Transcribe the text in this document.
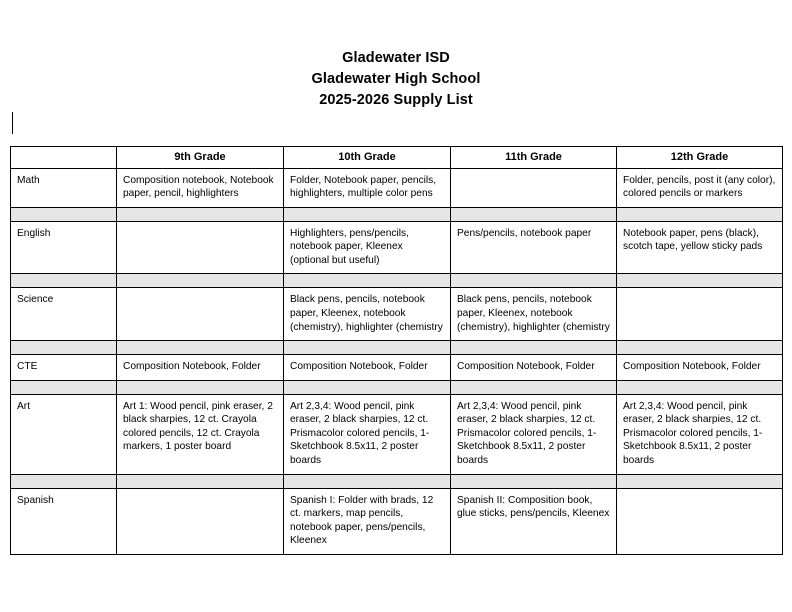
Gladewater ISD
Gladewater High School
2025-2026 Supply List
	9th Grade	10th Grade	11th Grade	12th Grade
Math	Composition notebook, Notebook paper, pencil, highlighters	Folder, Notebook paper, pencils, highlighters, multiple color pens		Folder, pencils, post it (any color), colored pencils or markers

English		Highlighters, pens/pencils, notebook paper, Kleenex (optional but useful)	Pens/pencils, notebook paper	Notebook paper, pens (black), scotch tape, yellow sticky pads

Science		Black pens, pencils, notebook paper, Kleenex, notebook (chemistry), highlighter (chemistry	Black pens, pencils, notebook paper, Kleenex, notebook (chemistry), highlighter (chemistry	

CTE	Composition Notebook, Folder	Composition Notebook, Folder	Composition Notebook, Folder	Composition Notebook, Folder

Art	Art 1: Wood pencil, pink eraser, 2 black sharpies, 12 ct. Crayola colored pencils, 12 ct. Crayola markers, 1 poster board	Art 2,3,4: Wood pencil, pink eraser, 2 black sharpies, 12 ct. Prismacolor colored pencils, 1-Sketchbook 8.5x11, 2 poster boards	Art 2,3,4: Wood pencil, pink eraser, 2 black sharpies, 12 ct. Prismacolor colored pencils, 1-Sketchbook 8.5x11, 2 poster boards	Art 2,3,4: Wood pencil, pink eraser, 2 black sharpies, 12 ct. Prismacolor colored pencils, 1-Sketchbook 8.5x11, 2 poster boards

Spanish		Spanish I: Folder with brads, 12 ct. markers, map pencils, notebook paper, pens/pencils, Kleenex	Spanish II: Composition book, glue sticks, pens/pencils, Kleenex	
